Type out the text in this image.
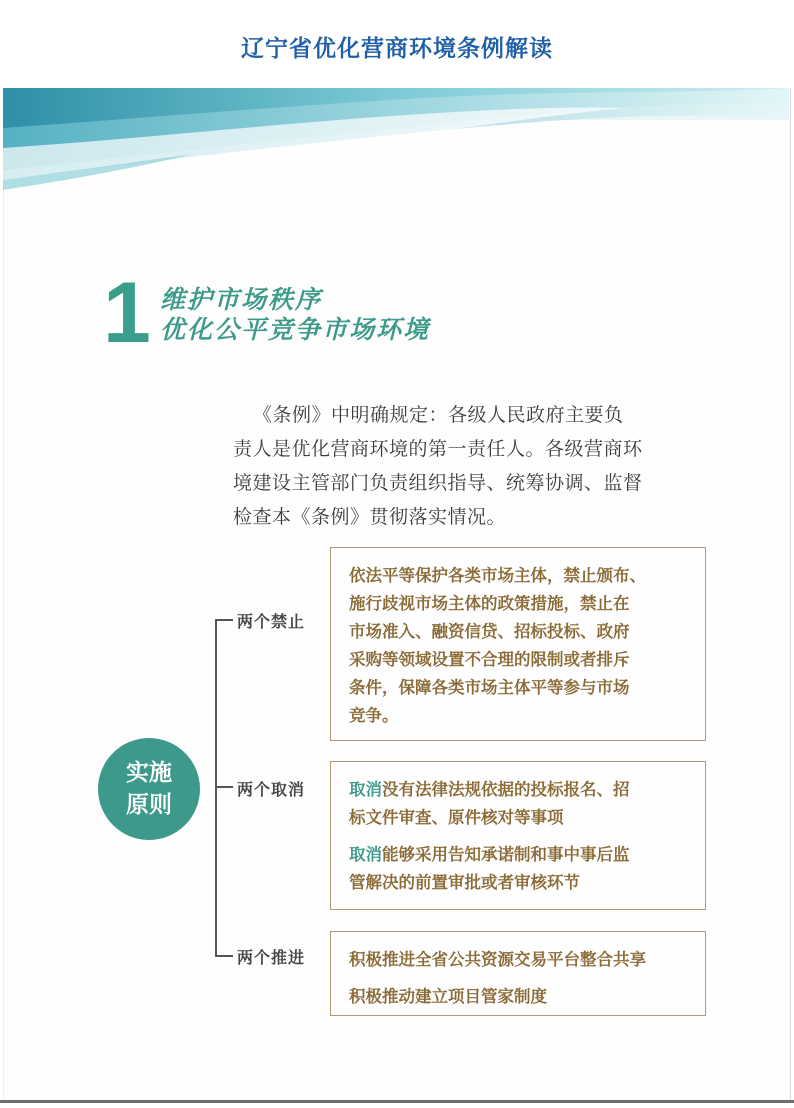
辽宁省优化营商环境条例解读
1 维护市场秩序
优化公平竞争市场环境
《条例》中明确规定：各级人民政府主要负
责人是优化营商环境的第一责任人。各级营商环
境建设主管部门负责组织指导、统筹协调、监督
检查本《条例》贯彻落实情况。
实施
原则
两个禁止
两个取消
两个推进
依法平等保护各类市场主体，禁止颁布、
施行歧视市场主体的政策措施，禁止在
市场准入、融资信贷、招标投标、政府
采购等领域设置不合理的限制或者排斥
条件，保障各类市场主体平等参与市场
竞争。
取消没有法律法规依据的投标报名、招
标文件审查、原件核对等事项
取消能够采用告知承诺制和事中事后监
管解决的前置审批或者审核环节
积极推进全省公共资源交易平台整合共享
积极推动建立项目管家制度
